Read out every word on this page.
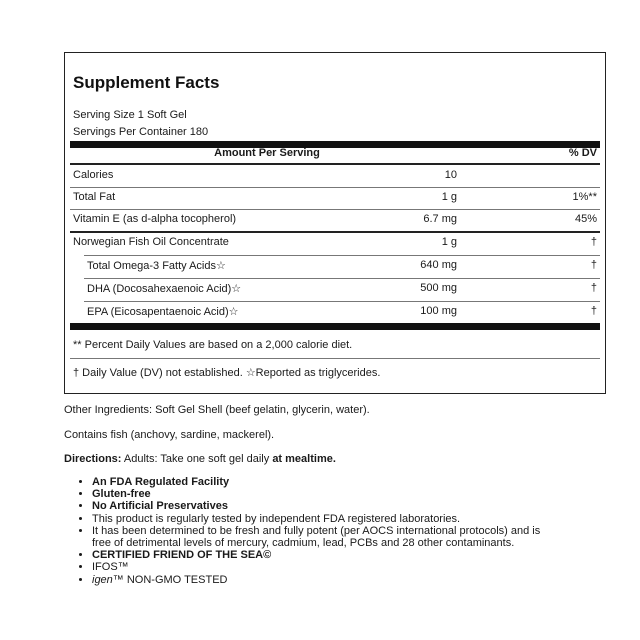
Supplement Facts
Serving Size 1 Soft Gel
Servings Per Container 180
Amount Per Serving	% DV
Calories	10
Total Fat	1 g	1%**
Vitamin E (as d-alpha tocopherol)	6.7 mg	45%
Norwegian Fish Oil Concentrate	1 g	†
Total Omega-3 Fatty Acids☆	640 mg	†
DHA (Docosahexaenoic Acid)☆	500 mg	†
EPA (Eicosapentaenoic Acid)☆	100 mg	†
** Percent Daily Values are based on a 2,000 calorie diet.
† Daily Value (DV) not established. ☆Reported as triglycerides.
Other Ingredients: Soft Gel Shell (beef gelatin, glycerin, water).
Contains fish (anchovy, sardine, mackerel).
Directions: Adults: Take one soft gel daily at mealtime.
• An FDA Regulated Facility
• Gluten-free
• No Artificial Preservatives
• This product is regularly tested by independent FDA registered laboratories.
• It has been determined to be fresh and fully potent (per AOCS international protocols) and is free of detrimental levels of mercury, cadmium, lead, PCBs and 28 other contaminants.
• CERTIFIED FRIEND OF THE SEA©
• IFOS™
• igen™ NON-GMO TESTED
